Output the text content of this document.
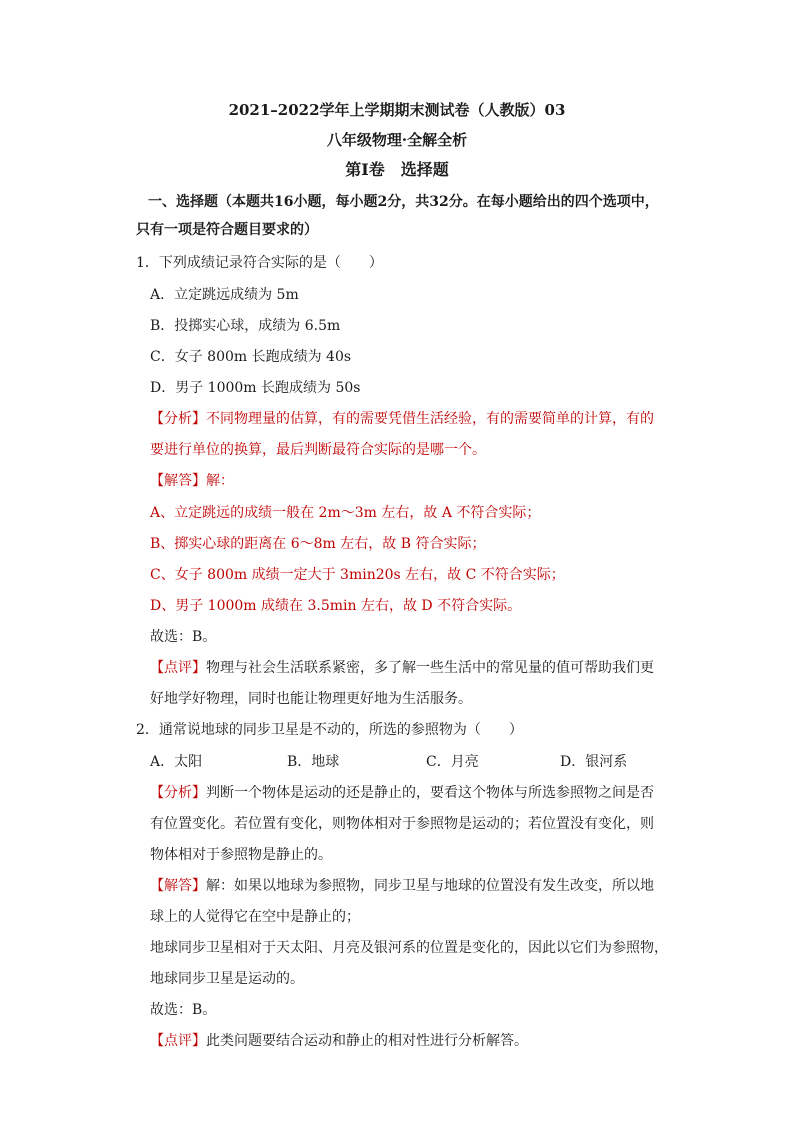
2021–2022学年上学期期末测试卷（人教版）03
八年级物理·全解全析
第Ⅰ卷　选择题
一、选择题（本题共16小题，每小题2分，共32分。在每小题给出的四个选项中，
只有一项是符合题目要求的）
1．下列成绩记录符合实际的是（　　）
A．立定跳远成绩为 5m
B．投掷实心球，成绩为 6.5m
C．女子 800m 长跑成绩为 40s
D．男子 1000m 长跑成绩为 50s
【分析】不同物理量的估算，有的需要凭借生活经验，有的需要简单的计算，有的
要进行单位的换算，最后判断最符合实际的是哪一个。
【解答】解：
A、立定跳远的成绩一般在 2m～3m 左右，故 A 不符合实际；
B、掷实心球的距离在 6～8m 左右，故 B 符合实际；
C、女子 800m 成绩一定大于 3min20s 左右，故 C 不符合实际；
D、男子 1000m 成绩在 3.5min 左右，故 D 不符合实际。
故选：B。
【点评】物理与社会生活联系紧密，多了解一些生活中的常见量的值可帮助我们更
好地学好物理，同时也能让物理更好地为生活服务。
2．通常说地球的同步卫星是不动的，所选的参照物为（　　）
A．太阳	B．地球	C．月亮	D．银河系
【分析】判断一个物体是运动的还是静止的，要看这个物体与所选参照物之间是否
有位置变化。若位置有变化，则物体相对于参照物是运动的；若位置没有变化，则
物体相对于参照物是静止的。
【解答】解：如果以地球为参照物，同步卫星与地球的位置没有发生改变，所以地
球上的人觉得它在空中是静止的；
地球同步卫星相对于天太阳、月亮及银河系的位置是变化的，因此以它们为参照物，
地球同步卫星是运动的。
故选：B。
【点评】此类问题要结合运动和静止的相对性进行分析解答。
